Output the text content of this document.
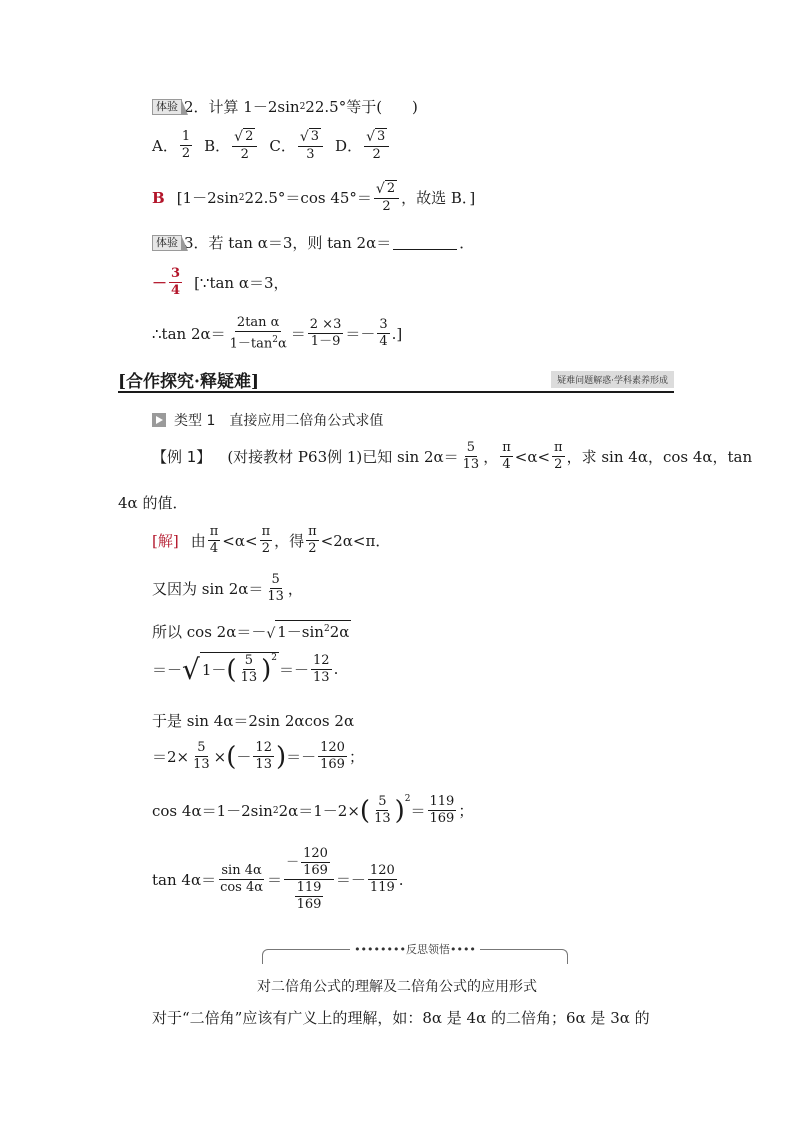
体验 2．计算 1－2sin 2 22.5°等于(　　)
A． $\frac{1}{2}$ B． $\frac{√ 2}{2}$ C． $\frac{√ 3}{3}$ D． $\frac{√ 3}{2}$
B [1－2sin 2 22.5°＝cos $45^\circ= \frac{√ 2}{2}$ ，故选 B．]
体验 3．若 tan α＝3，则 tan 2α＝	．
－ $\frac{3}{4}$ [∵tan α＝3，
∴tan $2\alpha= \frac{\text{2tan α}}{1-\tan^2\alpha} = \frac{2 \times 3}{1-9} =- \frac{3}{4}$ .]
[合作探究·释疑难]	疑难问题解惑·学科素养形成
类型 1　直接应用二倍角公式求值
【例 1】 (对接教材 P63例 1)已知 $\sin 2\alpha= \frac{5}{13}$ ， $\frac{\pi}{4} <\alpha< \frac{\pi}{2}$ ，求 sin 4α，cos 4α，tan
4α 的值．
[解] 由 $\frac{\pi}{4} <\alpha< \frac{\pi}{2}$ ，得 $\frac{\pi}{2} <2\alpha<\pi$．
又因为 $\sin 2\alpha= \frac{5}{13}$ ，
所以 cos 2α＝－ √ $1-\sin^22\alpha$
＝－ √ 1－ ( $\frac{5}{13} )^2$
＝－ $\frac{12}{13}$ .
于是 sin 4α＝2sin 2αcos 2α
$=2\times \frac{5}{13}$ × ( － $\frac{12}{13}$ ) ＝－ $\frac{120}{169}$ ；
cos 4α＝1－2sin 2 2α＝1－2× ( $\frac{5}{13} )^2$
＝ $\frac{119}{169}$ ；
$\tan 4\alpha= \frac{\sin 4\alpha}{\cos 4\alpha} = \frac{- \frac{120}{169}}{\frac{119}{169}} =- \frac{120}{119}$ .
••••••••反思领悟••••
对二倍角公式的理解及二倍角公式的应用形式
对于“二倍角”应该有广义上的理解，如：8α 是 4α 的二倍角；6α 是 3α 的
